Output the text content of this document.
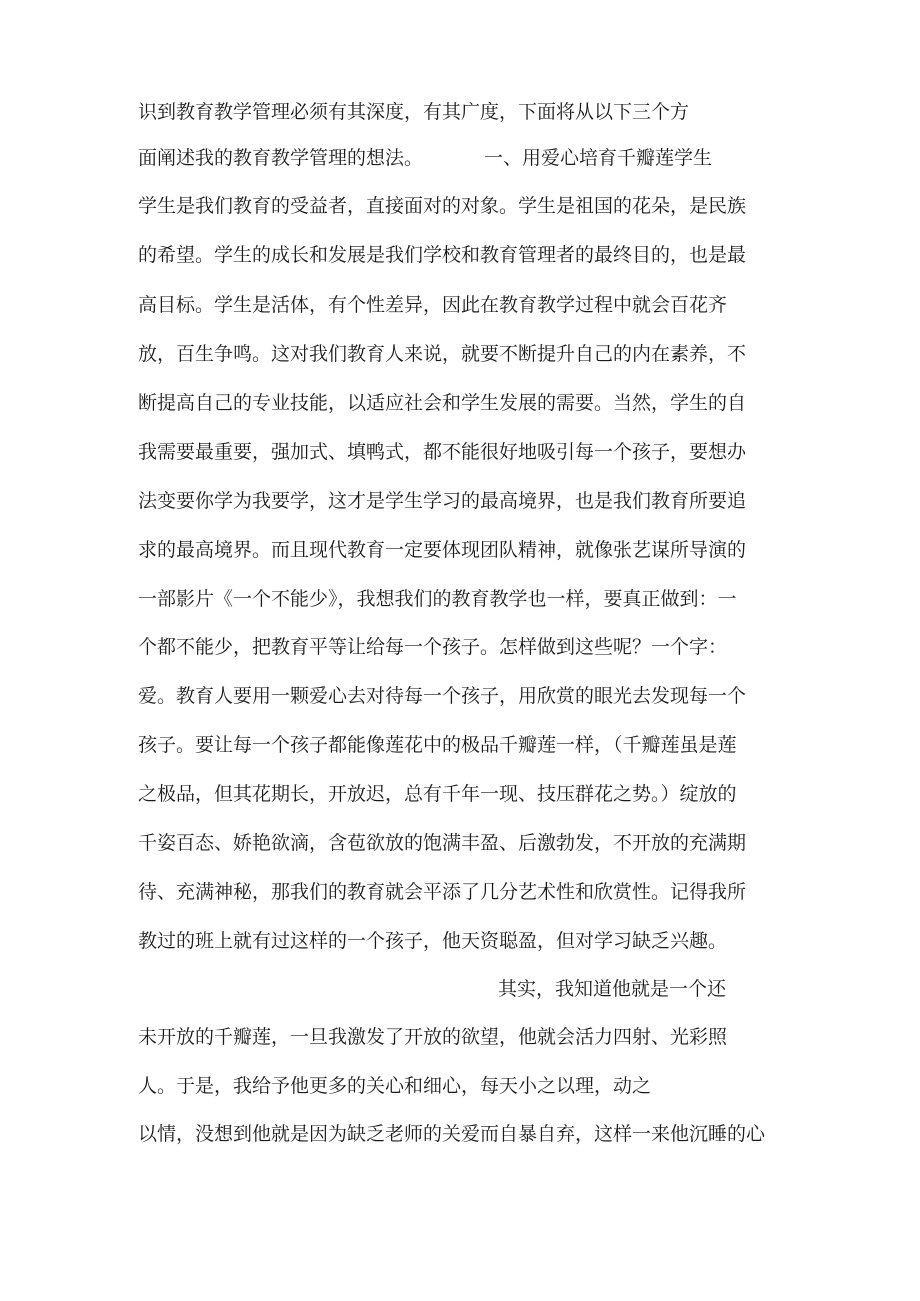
识到教育教学管理必须有其深度，有其广度，下面将从以下三个方
面阐述我的教育教学管理的想法。	一、用爱心培育千瓣莲学生
学生是我们教育的受益者，直接面对的对象。学生是祖国的花朵，是民族
的希望。学生的成长和发展是我们学校和教育管理者的最终目的，也是最
高目标。学生是活体，有个性差异，因此在教育教学过程中就会百花齐
放，百生争鸣。这对我们教育人来说，就要不断提升自己的内在素养，不
断提高自己的专业技能，以适应社会和学生发展的需要。当然，学生的自
我需要最重要，强加式、填鸭式，都不能很好地吸引每一个孩子，要想办
法变要你学为我要学，这才是学生学习的最高境界，也是我们教育所要追
求的最高境界。而且现代教育一定要体现团队精神，就像张艺谋所导演的
一部影片《一个不能少》，我想我们的教育教学也一样，要真正做到：一
个都不能少，把教育平等让给每一个孩子。怎样做到这些呢？一个字：
爱。教育人要用一颗爱心去对待每一个孩子，用欣赏的眼光去发现每一个
孩子。要让每一个孩子都能像莲花中的极品千瓣莲一样，（千瓣莲虽是莲
之极品，但其花期长，开放迟，总有千年一现、技压群花之势。）绽放的
千姿百态、娇艳欲滴，含苞欲放的饱满丰盈、后激勃发，不开放的充满期
待、充满神秘，那我们的教育就会平添了几分艺术性和欣赏性。记得我所
教过的班上就有过这样的一个孩子，他天资聪盈，但对学习缺乏兴趣。
其实，我知道他就是一个还
未开放的千瓣莲，一旦我激发了开放的欲望，他就会活力四射、光彩照
人。于是，我给予他更多的关心和细心，每天小之以理，动之
以情，没想到他就是因为缺乏老师的关爱而自暴自弃，这样一来他沉睡的心
